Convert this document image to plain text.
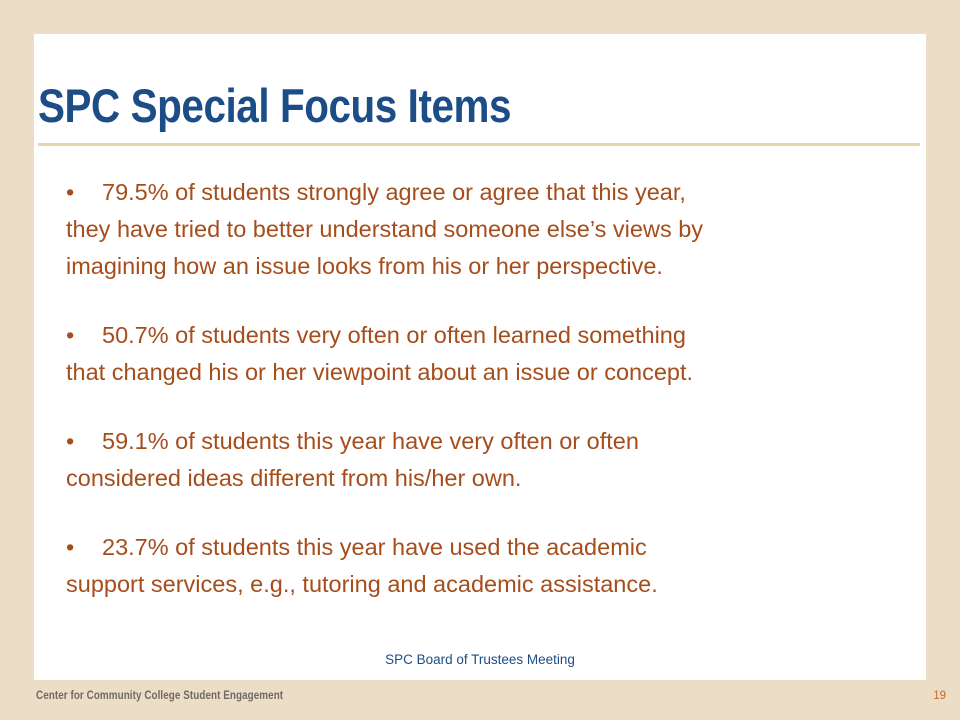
SPC Special Focus Items
• 79.5% of students strongly agree or agree that this year,
they have tried to better understand someone else’s views by
imagining how an issue looks from his or her perspective.
• 50.7% of students very often or often learned something
that changed his or her viewpoint about an issue or concept.
• 59.1% of students this year have very often or often
considered ideas different from his/her own.
• 23.7% of students this year have used the academic
support services, e.g., tutoring and academic assistance.
SPC Board of Trustees Meeting
Center for Community College Student Engagement	19
